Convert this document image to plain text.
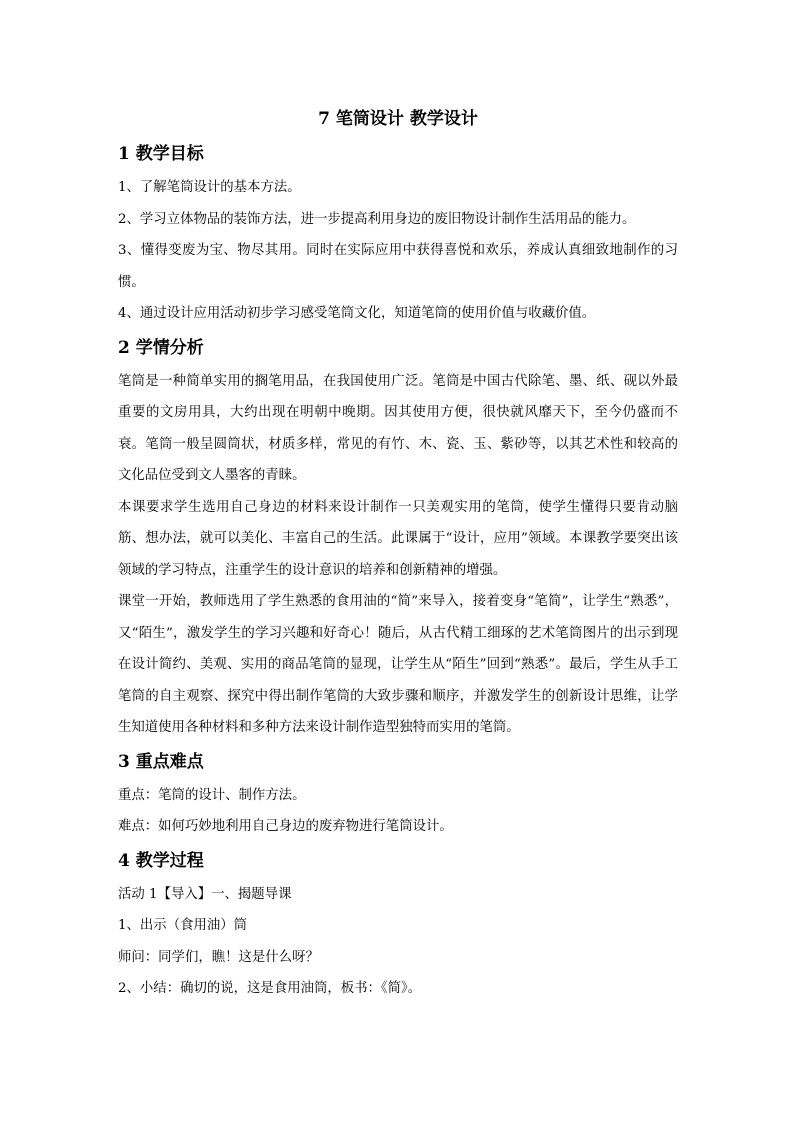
7 笔筒设计 教学设计
1 教学目标

1、了解笔筒设计的基本方法。

2、学习立体物品的装饰方法，进一步提高利用身边的废旧物设计制作生活用品的能力。

3、懂得变废为宝、物尽其用。同时在实际应用中获得喜悦和欢乐，养成认真细致地制作的习惯。

4、通过设计应用活动初步学习感受笔筒文化，知道笔筒的使用价值与收藏价值。

2 学情分析

笔筒是一种简单实用的搁笔用品，在我国使用广泛。笔筒是中国古代除笔、墨、纸、砚以外最重要的文房用具，大约出现在明朝中晚期。因其使用方便，很快就风靡天下，至今仍盛而不衰。笔筒一般呈圆筒状，材质多样，常见的有竹、木、瓷、玉、紫砂等，以其艺术性和较高的文化品位受到文人墨客的青睐。

本课要求学生选用自己身边的材料来设计制作一只美观实用的笔筒，使学生懂得只要肯动脑筋、想办法，就可以美化、丰富自己的生活。此课属于“设计，应用”领域。本课教学要突出该领域的学习特点，注重学生的设计意识的培养和创新精神的增强。

课堂一开始，教师选用了学生熟悉的食用油的“简”来导入，接着变身“笔简”，让学生“熟悉”，又“陌生”，激发学生的学习兴趣和好奇心！随后，从古代精工细琢的艺术笔筒图片的出示到现在设计简约、美观、实用的商品笔筒的显现，让学生从“陌生”回到“熟悉”。最后，学生从手工笔筒的自主观察、探究中得出制作笔筒的大致步骤和顺序，并激发学生的创新设计思维，让学生知道使用各种材料和多种方法来设计制作造型独特而实用的笔筒。

3 重点难点

重点：笔筒的设计、制作方法。

难点：如何巧妙地利用自己身边的废弃物进行笔筒设计。

4 教学过程

活动 1【导入】一、揭题导课

1、出示（食用油）筒

师问：同学们，瞧！这是什么呀？

2、小结：确切的说，这是食用油筒，板书：《简》。
